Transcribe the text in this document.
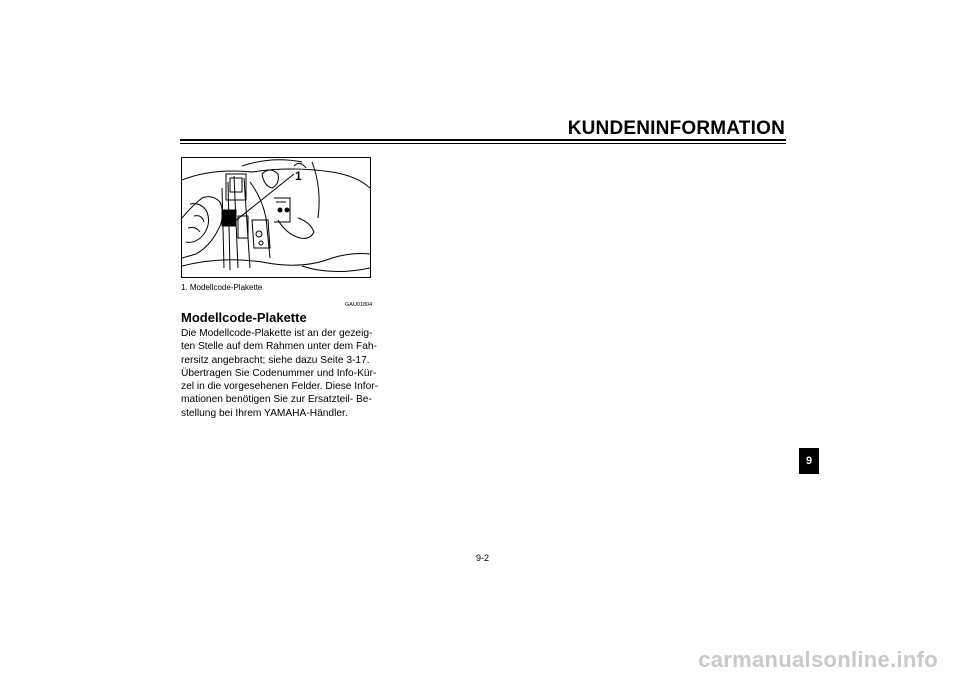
KUNDENINFORMATION
1
1. Modellcode-Plakette
GAU01804
Modellcode-Plakette
Die Modellcode-Plakette ist an der gezeig-
ten Stelle auf dem Rahmen unter dem Fah-
rersitz angebracht; siehe dazu Seite 3-17.
Übertragen Sie Codenummer und Info-Kür-
zel in die vorgesehenen Felder. Diese Infor-
mationen benötigen Sie zur Ersatzteil- Be-
stellung bei Ihrem YAMAHA-Händler.
9
9-2
carmanualsonline.info
